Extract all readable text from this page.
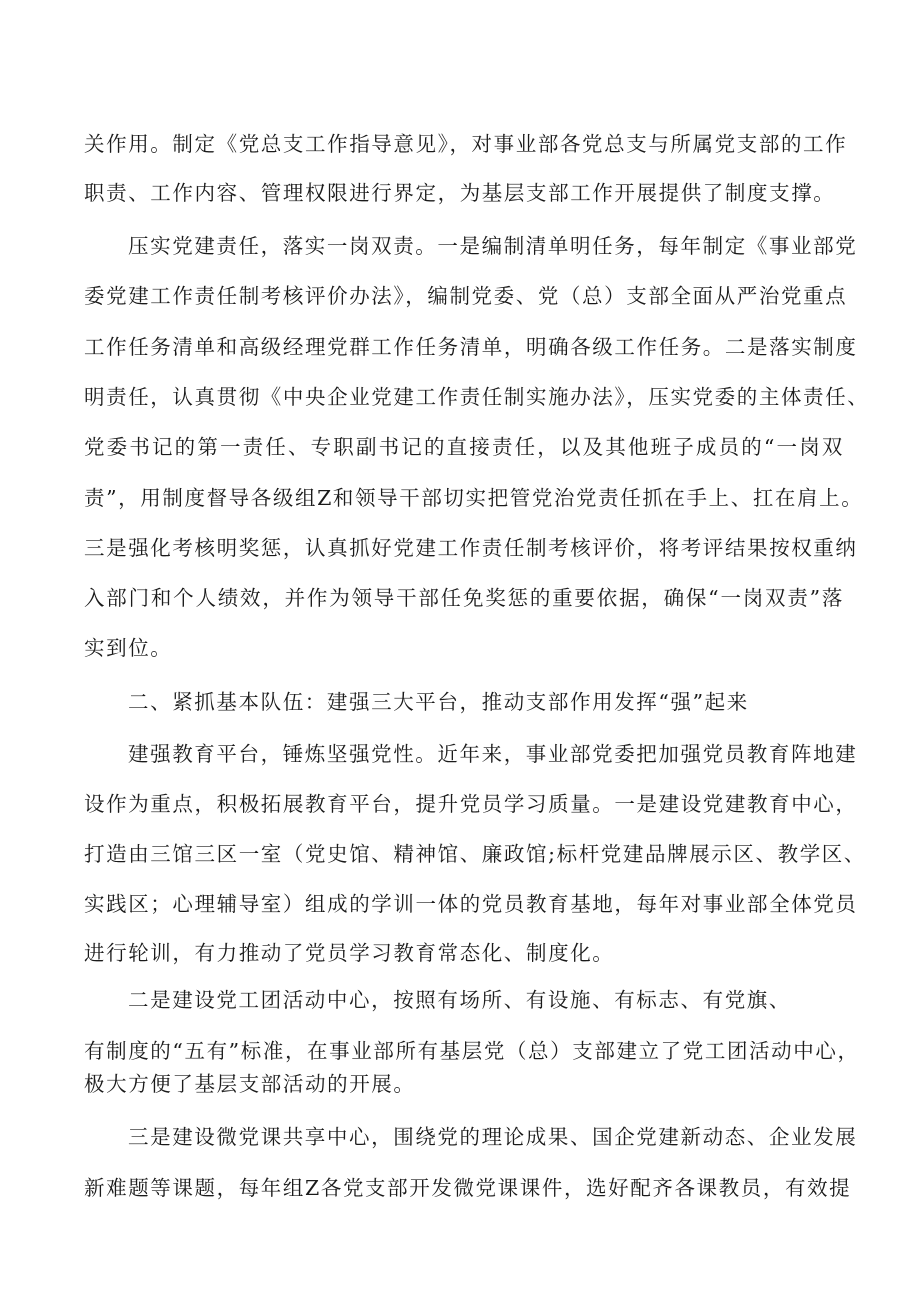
关作用。制定《党总支工作指导意见》，对事业部各党总支与所属党支部的工作
职责、工作内容、管理权限进行界定，为基层支部工作开展提供了制度支撑。
压实党建责任，落实一岗双责。一是编制清单明任务，每年制定《事业部党
委党建工作责任制考核评价办法》，编制党委、党（总）支部全面从严治党重点
工作任务清单和高级经理党群工作任务清单，明确各级工作任务。二是落实制度
明责任，认真贯彻《中央企业党建工作责任制实施办法》，压实党委的主体责任、
党委书记的第一责任、专职副书记的直接责任，以及其他班子成员的“一岗双
责”，用制度督导各级组Z和领导干部切实把管党治党责任抓在手上、扛在肩上。
三是强化考核明奖惩，认真抓好党建工作责任制考核评价，将考评结果按权重纳
入部门和个人绩效，并作为领导干部任免奖惩的重要依据，确保“一岗双责”落
实到位。
二、紧抓基本队伍：建强三大平台，推动支部作用发挥“强”起来
建强教育平台，锤炼坚强党性。近年来，事业部党委把加强党员教育阵地建
设作为重点，积极拓展教育平台，提升党员学习质量。一是建设党建教育中心，
打造由三馆三区一室（党史馆、精神馆、廉政馆;标杆党建品牌展示区、教学区、
实践区；心理辅导室）组成的学训一体的党员教育基地，每年对事业部全体党员
进行轮训，有力推动了党员学习教育常态化、制度化。
二是建设党工团活动中心，按照有场所、有设施、有标志、有党旗、
有制度的“五有”标准，在事业部所有基层党（总）支部建立了党工团活动中心，
极大方便了基层支部活动的开展。
三是建设微党课共享中心，围绕党的理论成果、国企党建新动态、企业发展
新难题等课题，每年组Z各党支部开发微党课课件，选好配齐各课教员，有效提
